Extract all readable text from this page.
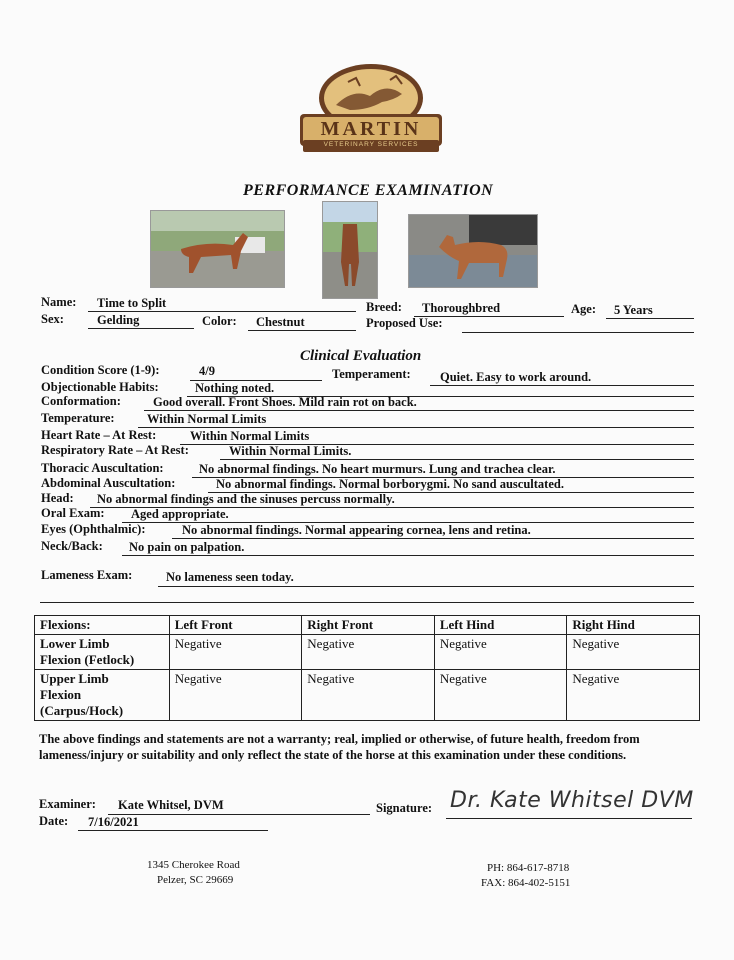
MARTIN
VETERINARY SERVICES
PERFORMANCE EXAMINATION
Name: Time to Split	Breed: Thoroughbred	Age: 5 Years
Sex:	Gelding	Color: Chestnut	Proposed Use:
Clinical Evaluation
Condition Score (1-9):	4/9	Temperament: Quiet. Easy to work around.
Objectionable Habits:	Nothing noted.
Conformation:	Good overall. Front Shoes. Mild rain rot on back.
Temperature:	Within Normal Limits
Heart Rate – At Rest:	Within Normal Limits
Respiratory Rate – At Rest:	Within Normal Limits.
Thoracic Auscultation:	No abnormal findings. No heart murmurs. Lung and trachea clear.
Abdominal Auscultation:	No abnormal findings. Normal borborygmi. No sand auscultated.
Head: No abnormal findings and the sinuses percuss normally.
Oral Exam: Aged appropriate.
Eyes (Ophthalmic):	No abnormal findings. Normal appearing cornea, lens and retina.
Neck/Back: No pain on palpation.
Lameness Exam:	No lameness seen today.
Flexions:	Left Front	Right Front	Left Hind	Right Hind
Lower Limb
Flexion (Fetlock)	Negative	Negative	Negative	Negative
Upper Limb
Flexion
(Carpus/Hock)	Negative	Negative	Negative	Negative
The above findings and statements are not a warranty; real, implied or otherwise, of future health, freedom from lameness/injury or suitability and only reflect the state of the horse at this examination under these conditions.
Examiner: Kate Whitsel, DVM
Date: 7/16/2021
Signature: Dr. Kate Whitsel DVM
1345 Cherokee Road
Pelzer, SC 29669
PH: 864-617-8718
FAX: 864-402-5151
